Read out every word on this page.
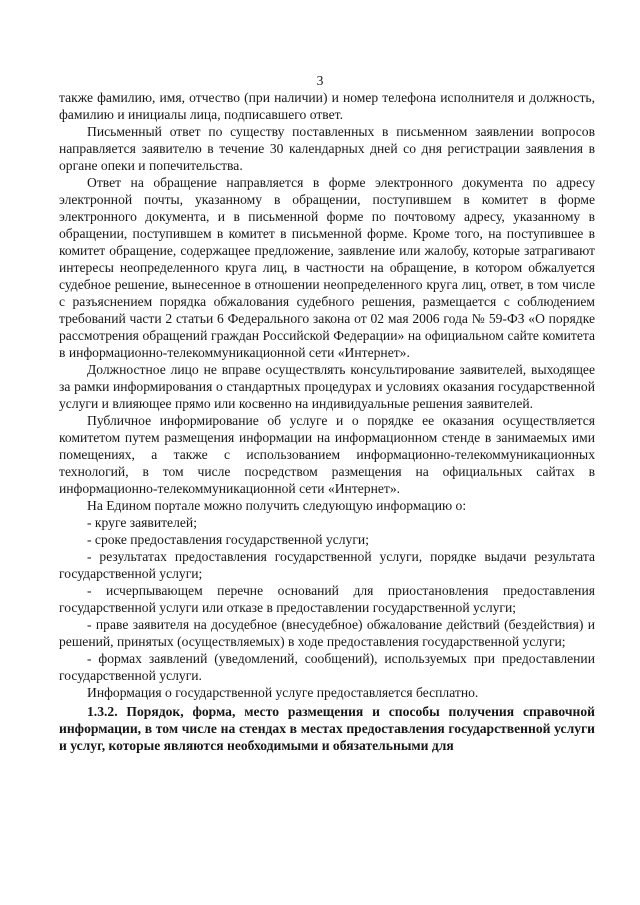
3

также фамилию, имя, отчество (при наличии) и номер телефона исполнителя и должность, фамилию и инициалы лица, подписавшего ответ.

Письменный ответ по существу поставленных в письменном заявлении вопросов направляется заявителю в течение 30 календарных дней со дня регистрации заявления в органе опеки и попечительства.

Ответ на обращение направляется в форме электронного документа по адресу электронной почты, указанному в обращении, поступившем в комитет в форме электронного документа, и в письменной форме по почтовому адресу, указанному в обращении, поступившем в комитет в письменной форме. Кроме того, на поступившее в комитет обращение, содержащее предложение, заявление или жалобу, которые затрагивают интересы неопределенного круга лиц, в частности на обращение, в котором обжалуется судебное решение, вынесенное в отношении неопределенного круга лиц, ответ, в том числе с разъяснением порядка обжалования судебного решения, размещается с соблюдением требований части 2 статьи 6 Федерального закона от 02 мая 2006 года № 59-ФЗ «О порядке рассмотрения обращений граждан Российской Федерации» на официальном сайте комитета в информационно-телекоммуникационной сети «Интернет».

Должностное лицо не вправе осуществлять консультирование заявителей, выходящее за рамки информирования о стандартных процедурах и условиях оказания государственной услуги и влияющее прямо или косвенно на индивидуальные решения заявителей.

Публичное информирование об услуге и о порядке ее оказания осуществляется комитетом путем размещения информации на информационном стенде в занимаемых ими помещениях, а также с использованием информационно-телекоммуникационных технологий, в том числе посредством размещения на официальных сайтах в информационно-телекоммуникационной сети «Интернет».

На Едином портале можно получить следующую информацию о:

- круге заявителей;

- сроке предоставления государственной услуги;

- результатах предоставления государственной услуги, порядке выдачи результата государственной услуги;

- исчерпывающем перечне оснований для приостановления предоставления государственной услуги или отказе в предоставлении государственной услуги;

- праве заявителя на досудебное (внесудебное) обжалование действий (бездействия) и решений, принятых (осуществляемых) в ходе предоставления государственной услуги;

- формах заявлений (уведомлений, сообщений), используемых при предоставлении государственной услуги.

Информация о государственной услуге предоставляется бесплатно.

1.3.2. Порядок, форма, место размещения и способы получения справочной информации, в том числе на стендах в местах предоставления государственной услуги и услуг, которые являются необходимыми и обязательными для
